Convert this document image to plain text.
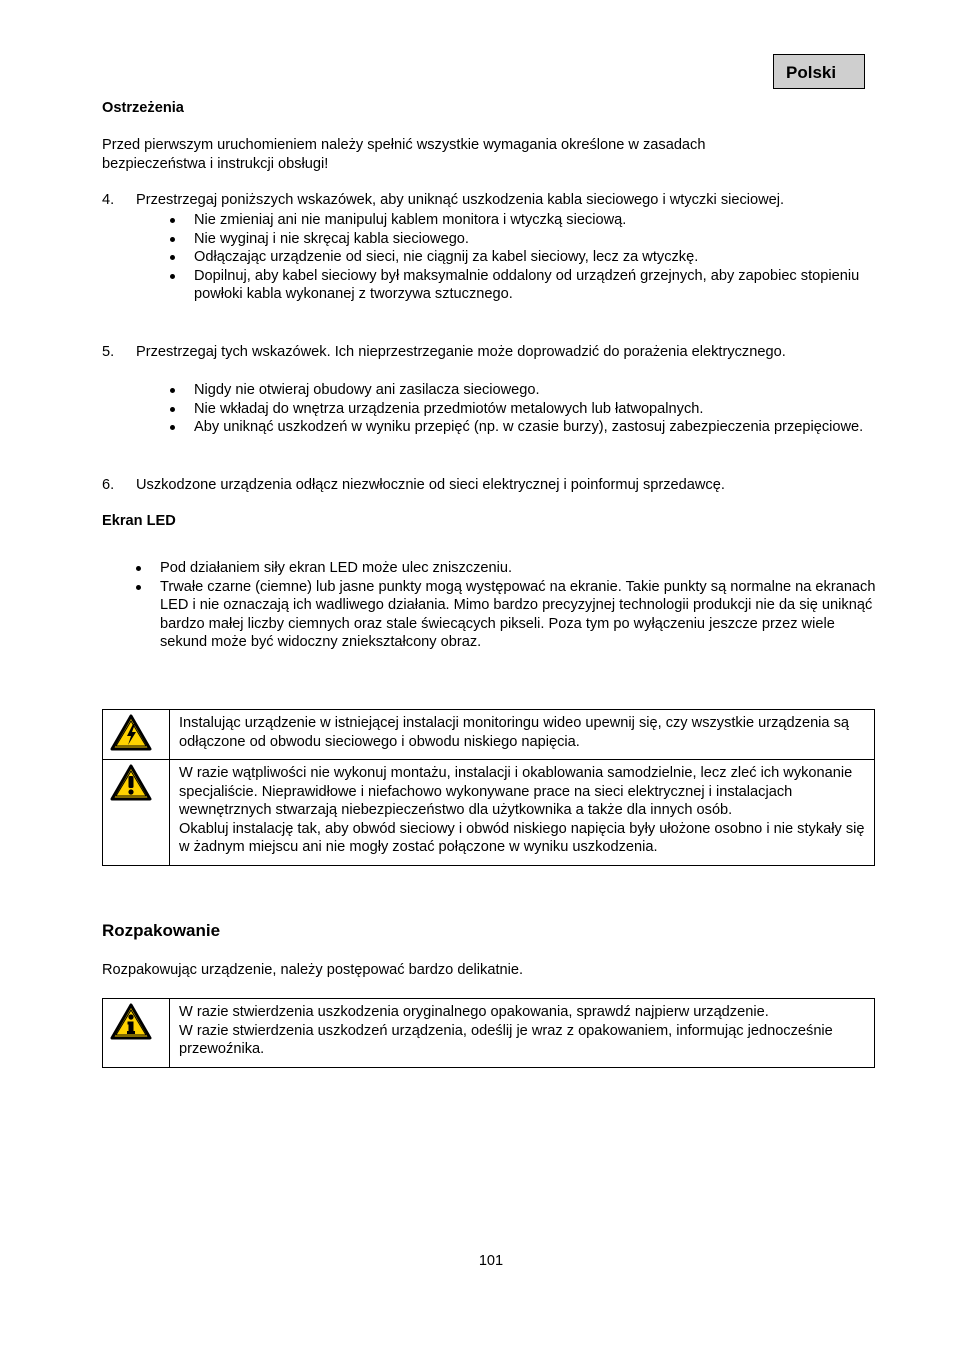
Polski
Ostrzeżenia

Przed pierwszym uruchomieniem należy spełnić wszystkie wymagania określone w zasadach bezpieczeństwa i instrukcji obsługi!

4. Przestrzegaj poniższych wskazówek, aby uniknąć uszkodzenia kabla sieciowego i wtyczki sieciowej.
Nie zmieniaj ani nie manipuluj kablem monitora i wtyczką sieciową.
Nie wyginaj i nie skręcaj kabla sieciowego.
Odłączając urządzenie od sieci, nie ciągnij za kabel sieciowy, lecz za wtyczkę.
Dopilnuj, aby kabel sieciowy był maksymalnie oddalony od urządzeń grzejnych, aby zapobiec stopieniu powłoki kabla wykonanej z tworzywa sztucznego.
5. Przestrzegaj tych wskazówek. Ich nieprzestrzeganie może doprowadzić do porażenia elektrycznego.
Nigdy nie otwieraj obudowy ani zasilacza sieciowego.
Nie wkładaj do wnętrza urządzenia przedmiotów metalowych lub łatwopalnych.
Aby uniknąć uszkodzeń w wyniku przepięć (np. w czasie burzy), zastosuj zabezpieczenia przepięciowe.
6. Uszkodzone urządzenia odłącz niezwłocznie od sieci elektrycznej i poinformuj sprzedawcę.
Ekran LED
Pod działaniem siły ekran LED może ulec zniszczeniu.
Trwałe czarne (ciemne) lub jasne punkty mogą występować na ekranie. Takie punkty są normalne na ekranach LED i nie oznaczają ich wadliwego działania. Mimo bardzo precyzyjnej technologii produkcji nie da się uniknąć bardzo małej liczby ciemnych oraz stale świecących pikseli. Poza tym po wyłączeniu jeszcze przez wiele sekund może być widoczny zniekształcony obraz.
	Instalując urządzenie w istniejącej instalacji monitoringu wideo upewnij się, czy wszystkie urządzenia są odłączone od obwodu sieciowego i obwodu niskiego napięcia.

W razie wątpliwości nie wykonuj montażu, instalacji i okablowania samodzielnie, lecz zleć ich wykonanie specjaliście. Nieprawidłowe i niefachowo wykonywane prace na sieci elektrycznej i instalacjach wewnętrznych stwarzają niebezpieczeństwo dla użytkownika a także dla innych osób.
Okabluj instalację tak, aby obwód sieciowy i obwód niskiego napięcia były ułożone osobno i nie stykały się w żadnym miejscu ani nie mogły zostać połączone w wyniku uszkodzenia.
Rozpakowanie

Rozpakowując urządzenie, należy postępować bardzo delikatnie.

W razie stwierdzenia uszkodzenia oryginalnego opakowania, sprawdź najpierw urządzenie.
W razie stwierdzenia uszkodzeń urządzenia, odeślij je wraz z opakowaniem, informując jednocześnie przewoźnika.
101
